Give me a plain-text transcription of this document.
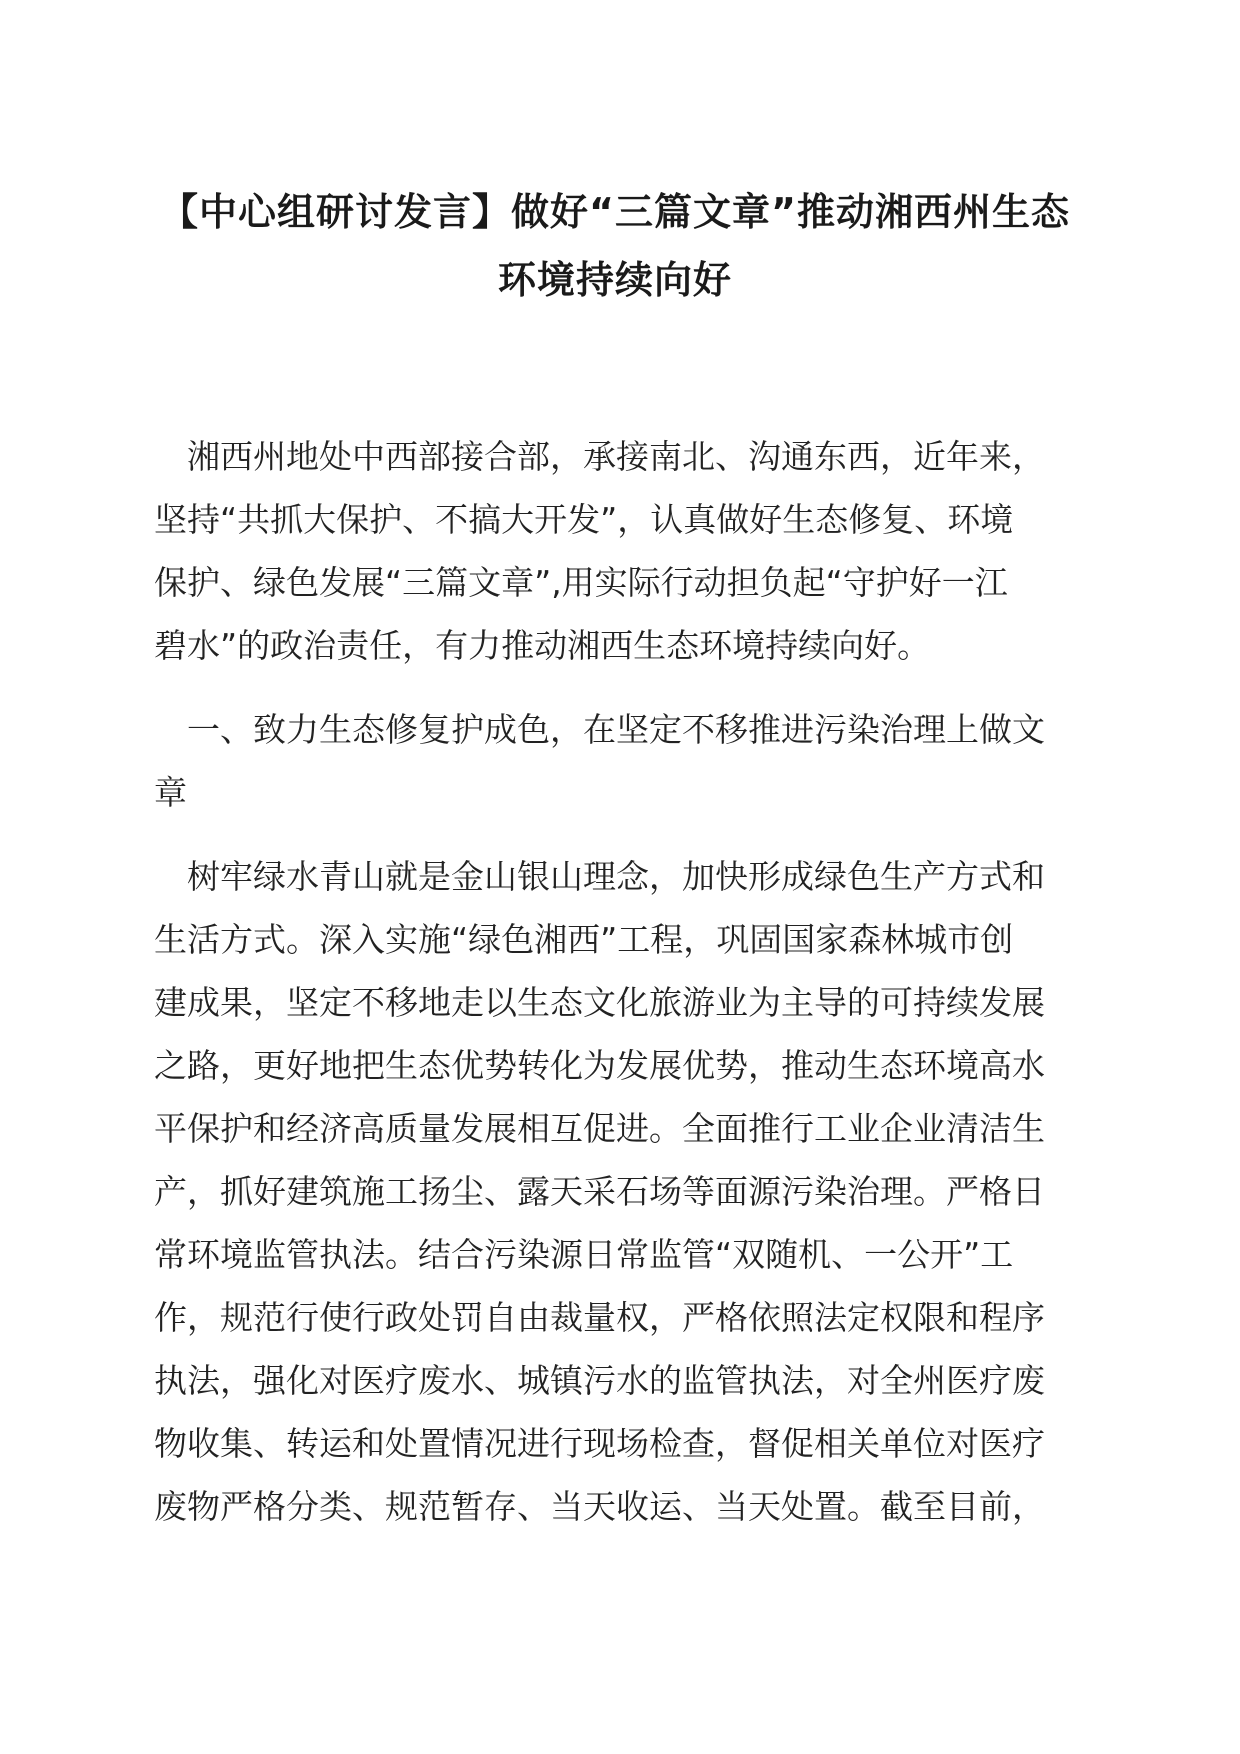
【中心组研讨发言】做好“三篇文章”推动湘西州生态
环境持续向好
　湘西州地处中西部接合部，承接南北、沟通东西，近年来，
坚持“共抓大保护、不搞大开发”，认真做好生态修复、环境
保护、绿色发展“三篇文章”,用实际行动担负起“守护好一江
碧水”的政治责任，有力推动湘西生态环境持续向好。
　一、致力生态修复护成色，在坚定不移推进污染治理上做文
章
　树牢绿水青山就是金山银山理念，加快形成绿色生产方式和
生活方式。深入实施“绿色湘西”工程，巩固国家森林城市创
建成果，坚定不移地走以生态文化旅游业为主导的可持续发展
之路，更好地把生态优势转化为发展优势，推动生态环境高水
平保护和经济高质量发展相互促进。全面推行工业企业清洁生
产，抓好建筑施工扬尘、露天采石场等面源污染治理。严格日
常环境监管执法。结合污染源日常监管“双随机、一公开”工
作，规范行使行政处罚自由裁量权，严格依照法定权限和程序
执法，强化对医疗废水、城镇污水的监管执法，对全州医疗废
物收集、转运和处置情况进行现场检查，督促相关单位对医疗
废物严格分类、规范暂存、当天收运、当天处置。截至目前，
